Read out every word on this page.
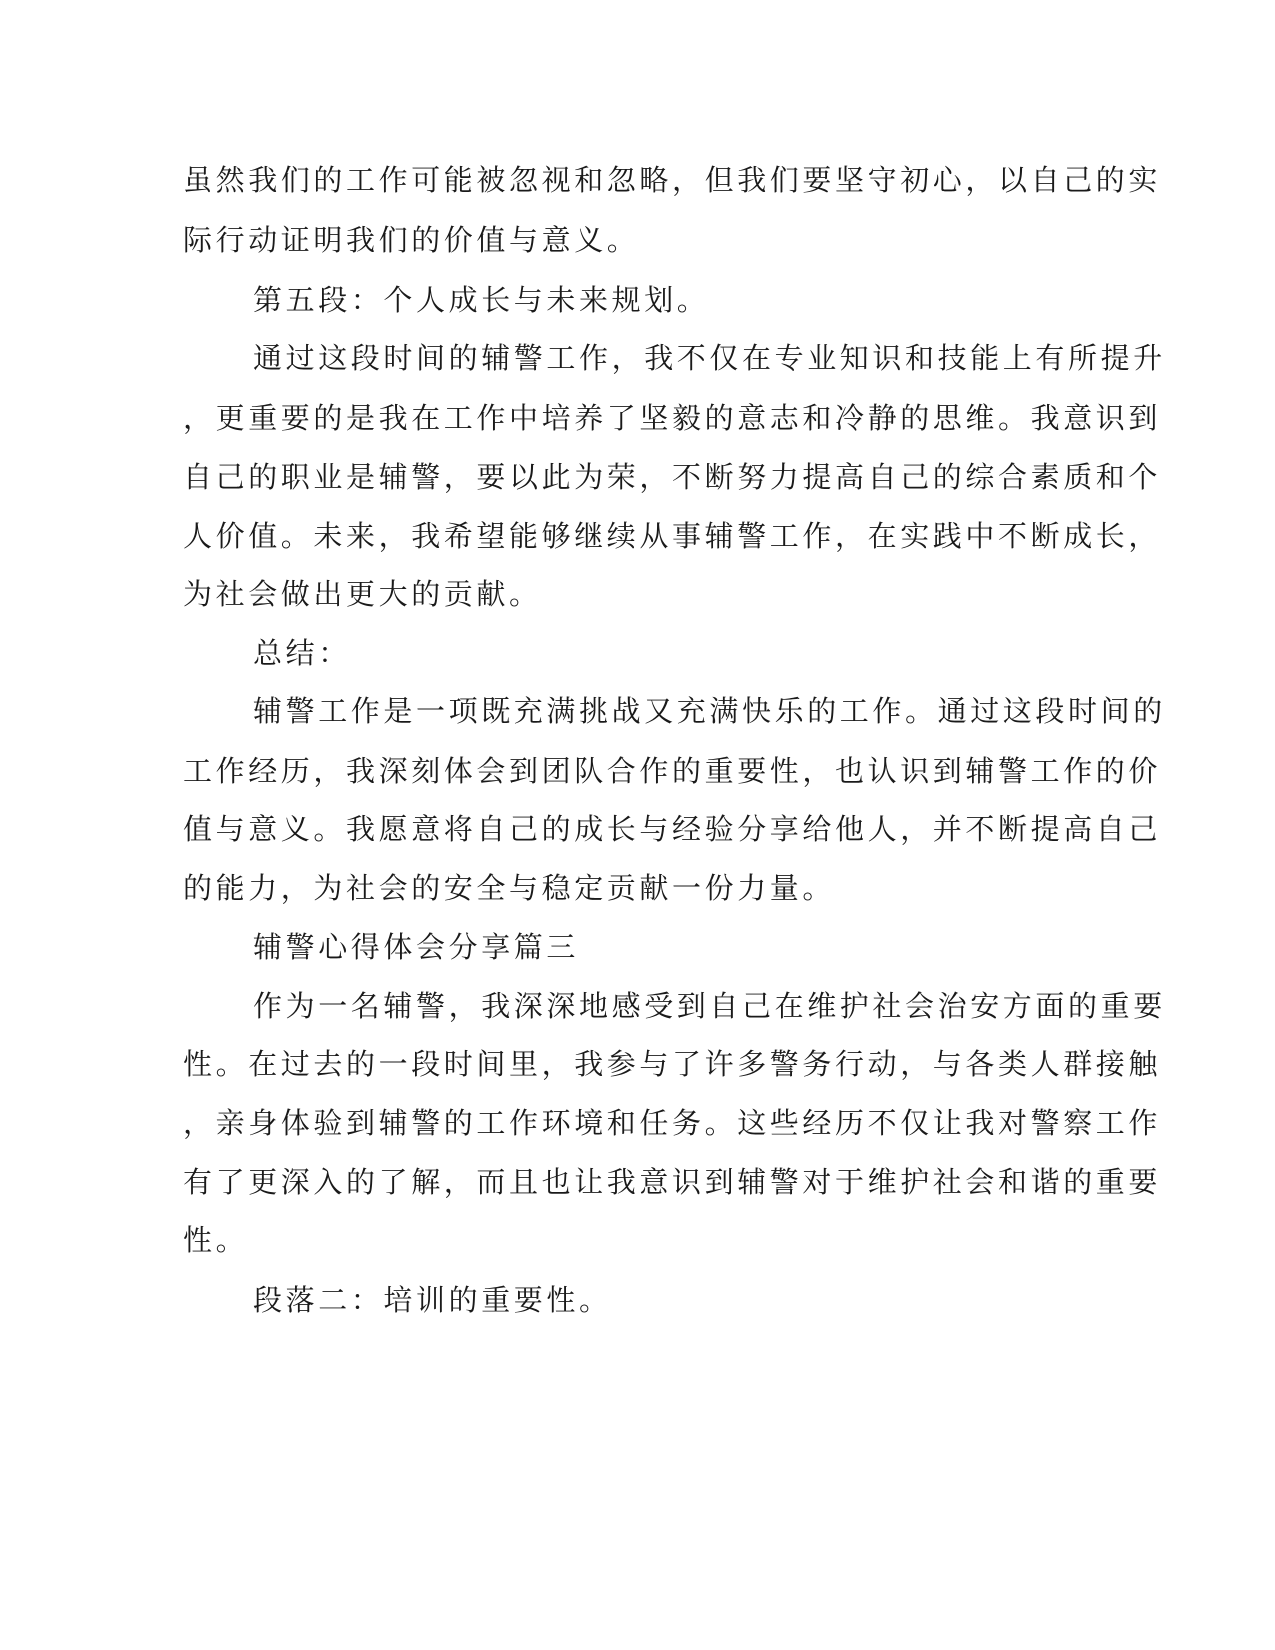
虽然我们的工作可能被忽视和忽略，但我们要坚守初心，以自己的实

际行动证明我们的价值与意义。

第五段：个人成长与未来规划。

通过这段时间的辅警工作，我不仅在专业知识和技能上有所提升

，更重要的是我在工作中培养了坚毅的意志和冷静的思维。我意识到

自己的职业是辅警，要以此为荣，不断努力提高自己的综合素质和个

人价值。未来，我希望能够继续从事辅警工作，在实践中不断成长，

为社会做出更大的贡献。

总结：

辅警工作是一项既充满挑战又充满快乐的工作。通过这段时间的

工作经历，我深刻体会到团队合作的重要性，也认识到辅警工作的价

值与意义。我愿意将自己的成长与经验分享给他人，并不断提高自己

的能力，为社会的安全与稳定贡献一份力量。

辅警心得体会分享篇三

作为一名辅警，我深深地感受到自己在维护社会治安方面的重要

性。在过去的一段时间里，我参与了许多警务行动，与各类人群接触

，亲身体验到辅警的工作环境和任务。这些经历不仅让我对警察工作

有了更深入的了解，而且也让我意识到辅警对于维护社会和谐的重要

性。

段落二：培训的重要性。
